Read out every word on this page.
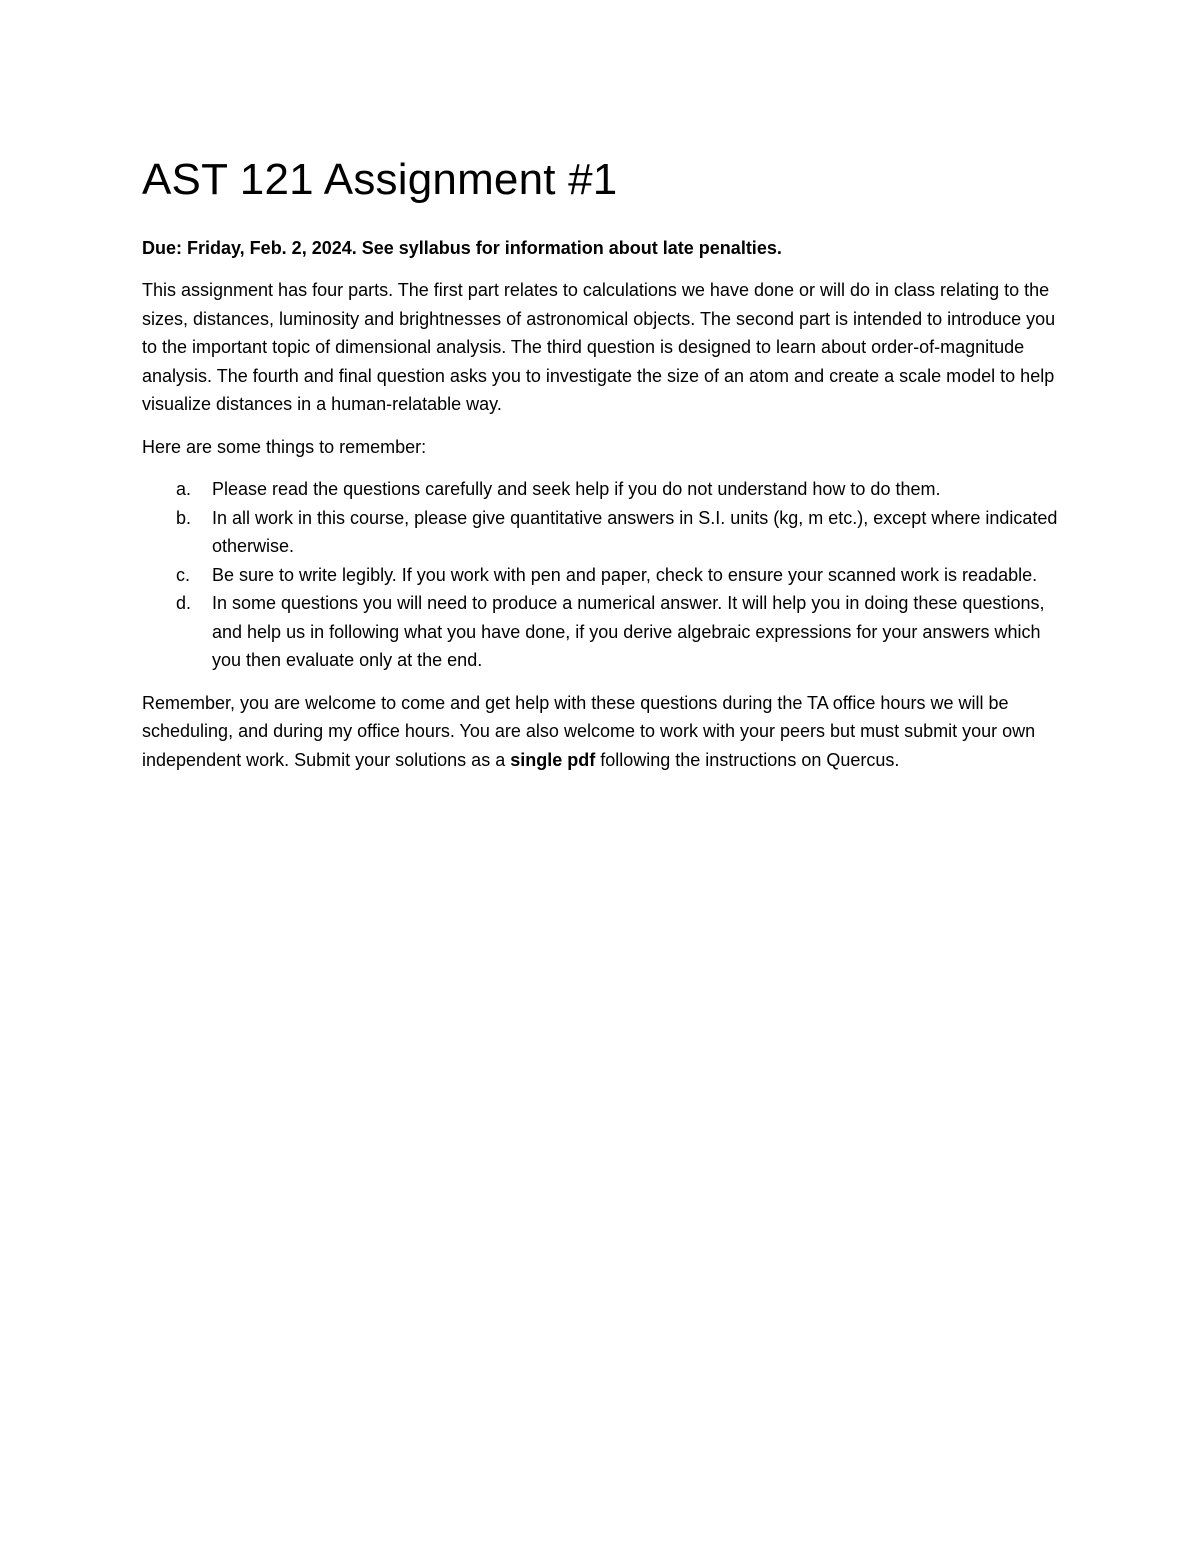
AST 121 Assignment #1
Due: Friday, Feb. 2, 2024. See syllabus for information about late penalties.

This assignment has four parts. The first part relates to calculations we have done or will do in class relating to the sizes, distances, luminosity and brightnesses of astronomical objects. The second part is intended to introduce you to the important topic of dimensional analysis. The third question is designed to learn about order-of-magnitude analysis. The fourth and final question asks you to investigate the size of an atom and create a scale model to help visualize distances in a human-relatable way.

Here are some things to remember:
a.	Please read the questions carefully and seek help if you do not understand how to do them.
b.	In all work in this course, please give quantitative answers in S.I. units (kg, m etc.), except where indicated otherwise.
c.	Be sure to write legibly. If you work with pen and paper, check to ensure your scanned work is readable.
d.	In some questions you will need to produce a numerical answer. It will help you in doing these questions, and help us in following what you have done, if you derive algebraic expressions for your answers which you then evaluate only at the end.

Remember, you are welcome to come and get help with these questions during the TA office hours we will be scheduling, and during my office hours. You are also welcome to work with your peers but must submit your own independent work. Submit your solutions as a single pdf following the instructions on Quercus.
